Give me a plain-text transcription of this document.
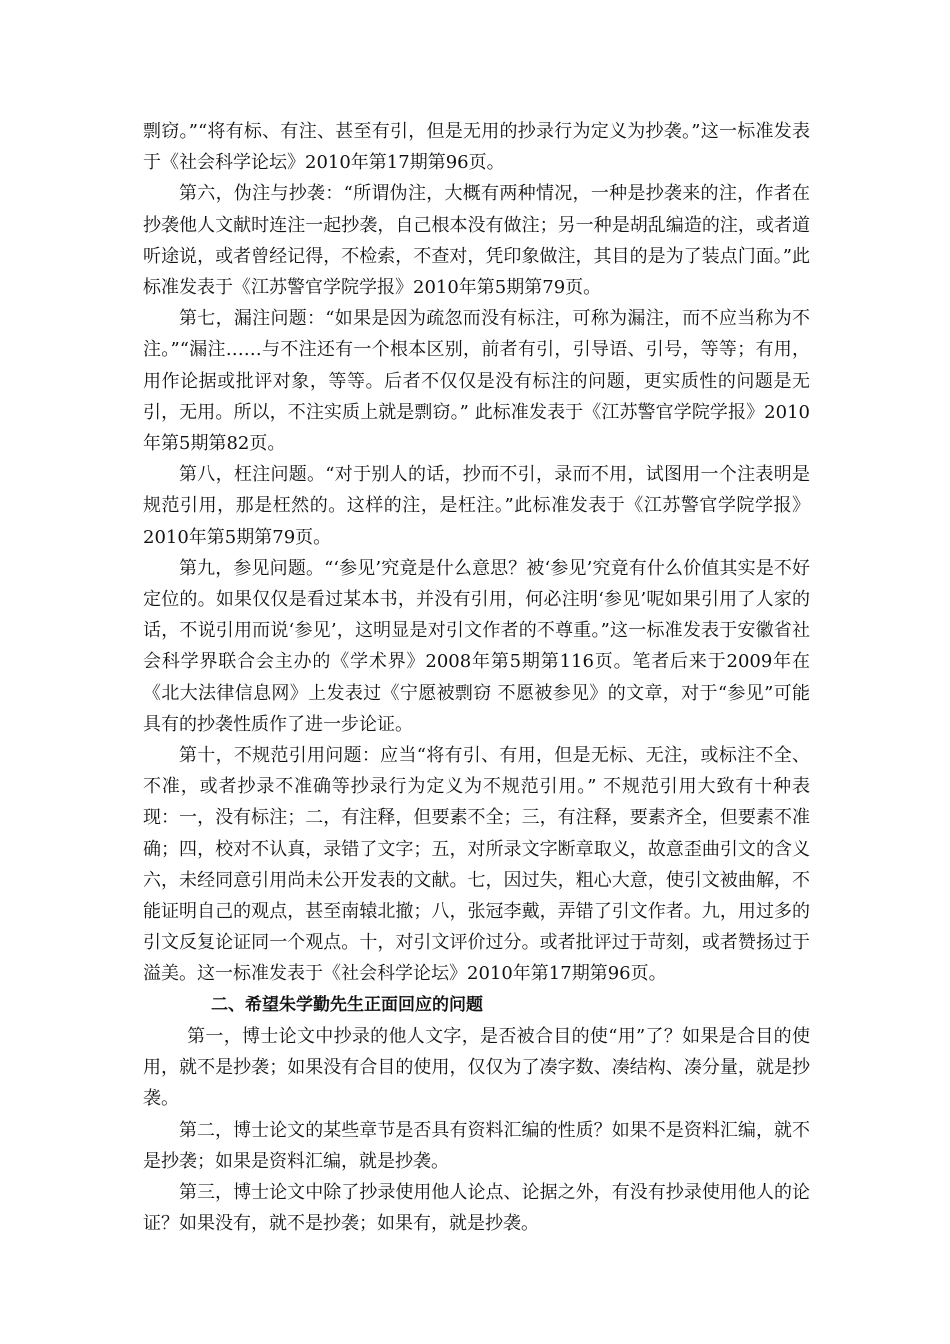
剽窃。”“将有标、有注、甚至有引，但是无用的抄录行为定义为抄袭。”这一标准发表于《社会科学论坛》2010年第17期第96页。

第六，伪注与抄袭：“所谓伪注，大概有两种情况，一种是抄袭来的注，作者在抄袭他人文献时连注一起抄袭，自己根本没有做注；另一种是胡乱编造的注，或者道听途说，或者曾经记得，不检索，不查对，凭印象做注，其目的是为了装点门面。”此标准发表于《江苏警官学院学报》2010年第5期第79页。

第七，漏注问题：“如果是因为疏忽而没有标注，可称为漏注，而不应当称为不注。”“漏注……与不注还有一个根本区别，前者有引，引导语、引号，等等；有用，用作论据或批评对象，等等。后者不仅仅是没有标注的问题，更实质性的问题是无引，无用。所以，不注实质上就是剽窃。” 此标准发表于《江苏警官学院学报》2010年第5期第82页。

第八，枉注问题。“对于别人的话，抄而不引，录而不用，试图用一个注表明是规范引用，那是枉然的。这样的注，是枉注。”此标准发表于《江苏警官学院学报》2010年第5期第79页。

第九，参见问题。“‘参见’究竟是什么意思？被‘参见’究竟有什么价值其实是不好定位的。如果仅仅是看过某本书，并没有引用，何必注明‘参见’呢如果引用了人家的话，不说引用而说‘参见’，这明显是对引文作者的不尊重。”这一标准发表于安徽省社会科学界联合会主办的《学术界》2008年第5期第116页。笔者后来于2009年在《北大法律信息网》上发表过《宁愿被剽窃 不愿被参见》的文章，对于“参见”可能具有的抄袭性质作了进一步论证。

第十，不规范引用问题：应当“将有引、有用，但是无标、无注，或标注不全、不准，或者抄录不准确等抄录行为定义为不规范引用。” 不规范引用大致有十种表现：一，没有标注；二，有注释，但要素不全；三，有注释，要素齐全，但要素不准确；四，校对不认真，录错了文字；五，对所录文字断章取义，故意歪曲引文的含义六，未经同意引用尚未公开发表的文献。七，因过失，粗心大意，使引文被曲解，不能证明自己的观点，甚至南辕北撤；八，张冠李戴，弄错了引文作者。九，用过多的引文反复论证同一个观点。十，对引文评价过分。或者批评过于苛刻，或者赞扬过于溢美。这一标准发表于《社会科学论坛》2010年第17期第96页。

二、希望朱学勤先生正面回应的问题

第一，博士论文中抄录的他人文字，是否被合目的使“用”了？如果是合目的使用，就不是抄袭；如果没有合目的使用，仅仅为了凑字数、凑结构、凑分量，就是抄袭。

第二，博士论文的某些章节是否具有资料汇编的性质？如果不是资料汇编，就不是抄袭；如果是资料汇编，就是抄袭。

第三，博士论文中除了抄录使用他人论点、论据之外，有没有抄录使用他人的论证？如果没有，就不是抄袭；如果有，就是抄袭。
